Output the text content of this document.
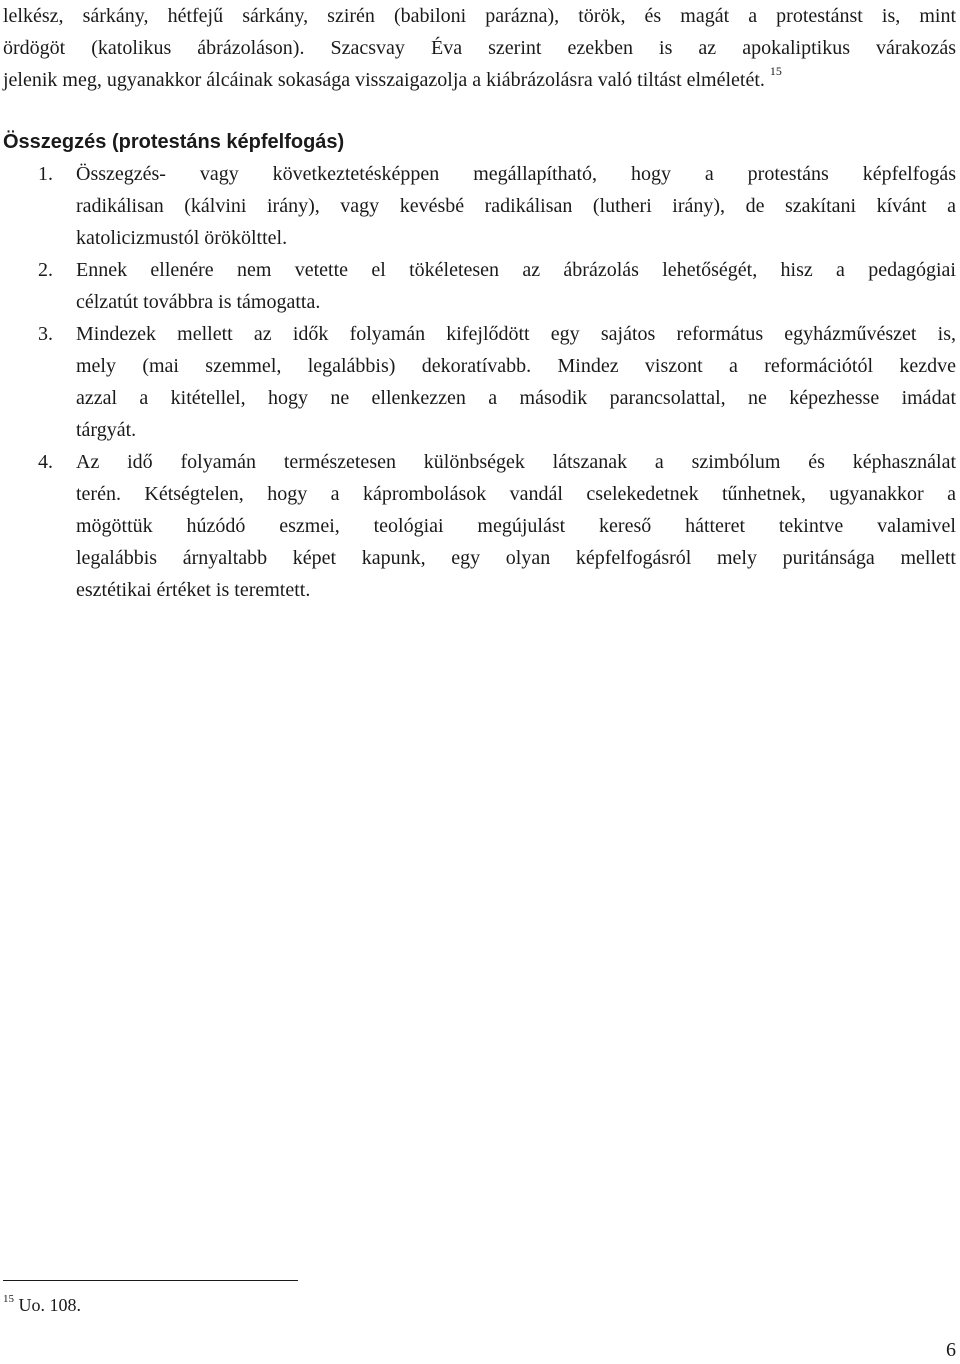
lelkész, sárkány, hétfejű sárkány, szirén (babiloni parázna), török, és magát a protestánst is, mint
ördögöt (katolikus ábrázoláson). Szacsvay Éva szerint ezekben is az apokaliptikus várakozás
jelenik meg, ugyanakkor álcáinak sokasága visszaigazolja a kiábrázolásra való tiltást elméletét. $^{15}$

Összegzés (protestáns képfelfogás)
1. Összegzés- vagy következtetésképpen megállapítható, hogy a protestáns képfelfogás
radikálisan (kálvini irány), vagy kevésbé radikálisan (lutheri irány), de szakítani kívánt a
katolicizmustól örökölttel.
2. Ennek ellenére nem vetette el tökéletesen az ábrázolás lehetőségét, hisz a pedagógiai
célzatút továbbra is támogatta.
3. Mindezek mellett az idők folyamán kifejlődött egy sajátos református egyházművészet is,
mely (mai szemmel, legalábbis) dekoratívabb. Mindez viszont a reformációtól kezdve
azzal a kitétellel, hogy ne ellenkezzen a második parancsolattal, ne képezhesse imádat
tárgyát.
4. Az idő folyamán természetesen különbségek látszanak a szimbólum és képhasználat
terén. Kétségtelen, hogy a káprombolások vandál cselekedetnek tűnhetnek, ugyanakkor a
mögöttük húzódó eszmei, teológiai megújulást kereső hátteret tekintve valamivel
legalábbis árnyaltabb képet kapunk, egy olyan képfelfogásról mely puritánsága mellett
esztétikai értéket is teremtett.
$^{15}$ Uo. 108.
6
